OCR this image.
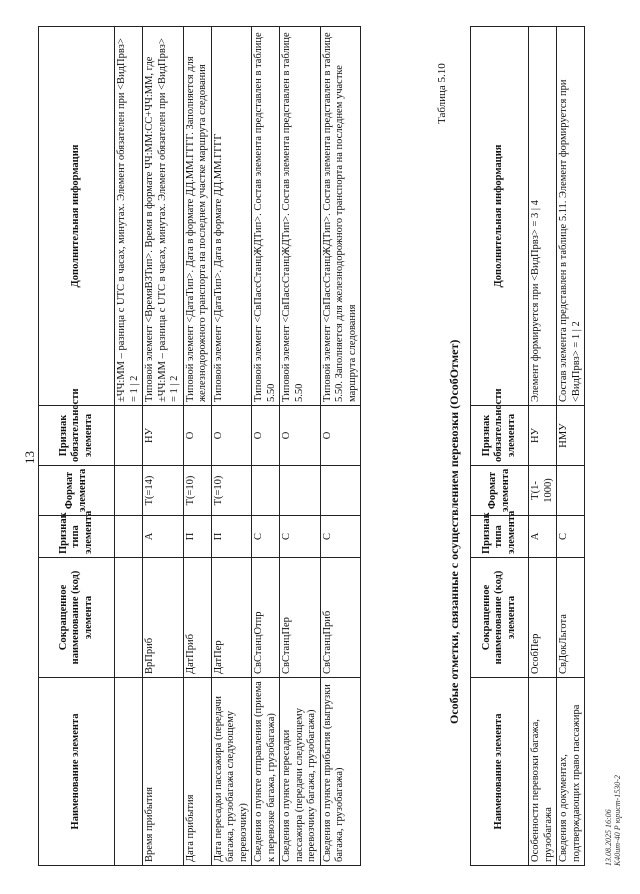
13
Наименование элемента	Сокращенное наименование (код) элемента	Признак типа элемента	Формат элемента	Признак обязательности элемента	Дополнительная информация
					±ЧЧ:ММ – разница с UTC в часах, минутах. Элемент обязателен при <ВидПрвз> = 1 | 2
Время прибытия	ВрПриб	А	T(=14)	НУ	Типовой элемент <ВремяВЗТип>. Время в формате ЧЧ:ММ:СС+ЧЧ:ММ, где ±ЧЧ:ММ – разница с UTC в часах, минутах. Элемент обязателен при <ВидПрвз> = 1 | 2
Дата прибытия	ДатПриб	П	T(=10)	О	Типовой элемент <ДатаТип>. Дата в формате ДД.ММ.ГГГГ. Заполняется для железнодорожного транспорта на последнем участке маршрута следования
Дата пересадки пассажира (передачи багажа, грузобагажа следующему перевозчику)	ДатПер	П	T(=10)	О	Типовой элемент <ДатаТип>. Дата в формате ДД.ММ.ГГГГ
Сведения о пункте отправления (приема к перевозке багажа, грузобагажа)	СвСтанцОтпр	С		О	Типовой элемент <СвПассСтанцЖДТип>. Состав элемента представлен в таблице 5.50
Сведения о пункте пересадки пассажира (передачи следующему перевозчику багажа, грузобагажа)	СвСтанцПер	С		О	Типовой элемент <СвПассСтанцЖДТип>. Состав элемента представлен в таблице 5.50
Сведения о пункте прибытия (выгрузки багажа, грузобагажа)	СвСтанцПриб	С		О	Типовой элемент <СвПассСтанцЖДТип>. Состав элемента представлен в таблице 5.50. Заполняется для железнодорожного транспорта на последнем участке маршрута следования
Таблица 5.10
Особые отметки, связанные с осуществлением перевозки (ОсобОтмет)
Наименование элемента	Сокращенное наименование (код) элемента	Признак типа элемента	Формат элемента	Признак обязательности элемента	Дополнительная информация
Особенности перевозки багажа, грузобагажа	ОсобПер	А	T(1-1000)	НУ	Элемент формируется при <ВидПрвз> = 3 | 4
Сведения о документах, подтверждающих право пассажира	СвДокЛьгота	С		НМУ	Состав элемента представлен в таблице 5.11. Элемент формируется при <ВидПрвз> = 1 | 2
13.08.2025 16:06 К40ит-40 Р юрист-1530-2
